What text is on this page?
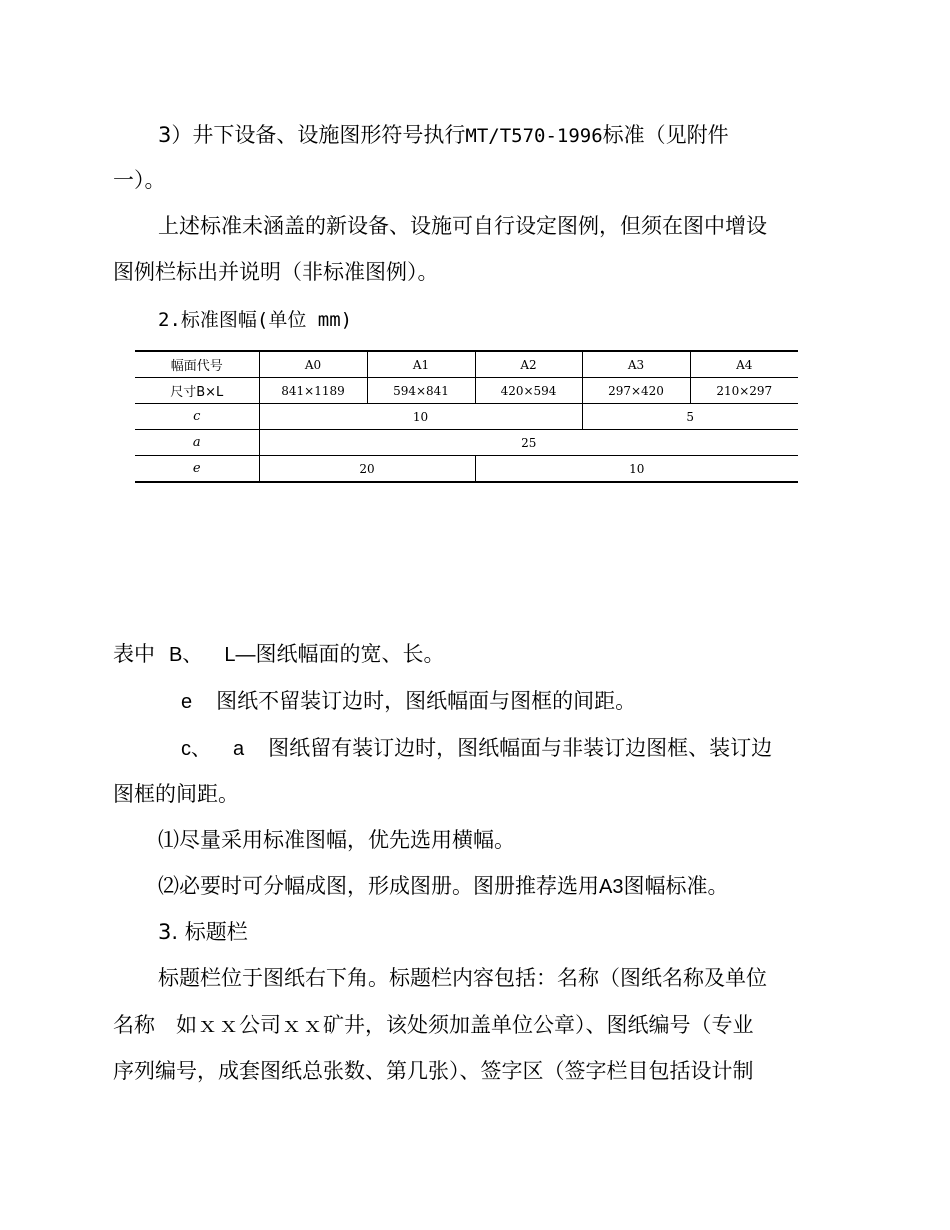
3）井下设备、设施图形符号执行MT/T570-1996标准（见附件
一）。
上述标准未涵盖的新设备、设施可自行设定图例，但须在图中增设
图例栏标出并说明（非标准图例）。
2.标准图幅(单位 mm)
幅面代号	A0	A1	A2	A3	A4
尺寸B×L	841×1189	594×841	420×594	297×420	210×297
c	10			5	
a	25				
e	20		10		
表中 B、 L—图纸幅面的宽、长。
e 图纸不留装订边时，图纸幅面与图框的间距。
c、 a 图纸留有装订边时，图纸幅面与非装订边图框、装订边
图框的间距。
⑴尽量采用标准图幅，优先选用横幅。
⑵必要时可分幅成图，形成图册。图册推荐选用A3图幅标准。
3. 标题栏
标题栏位于图纸右下角。标题栏内容包括：名称（图纸名称及单位
名称　如ｘｘ公司ｘｘ矿井，该处须加盖单位公章）、图纸编号（专业
序列编号，成套图纸总张数、第几张）、签字区（签字栏目包括设计制
